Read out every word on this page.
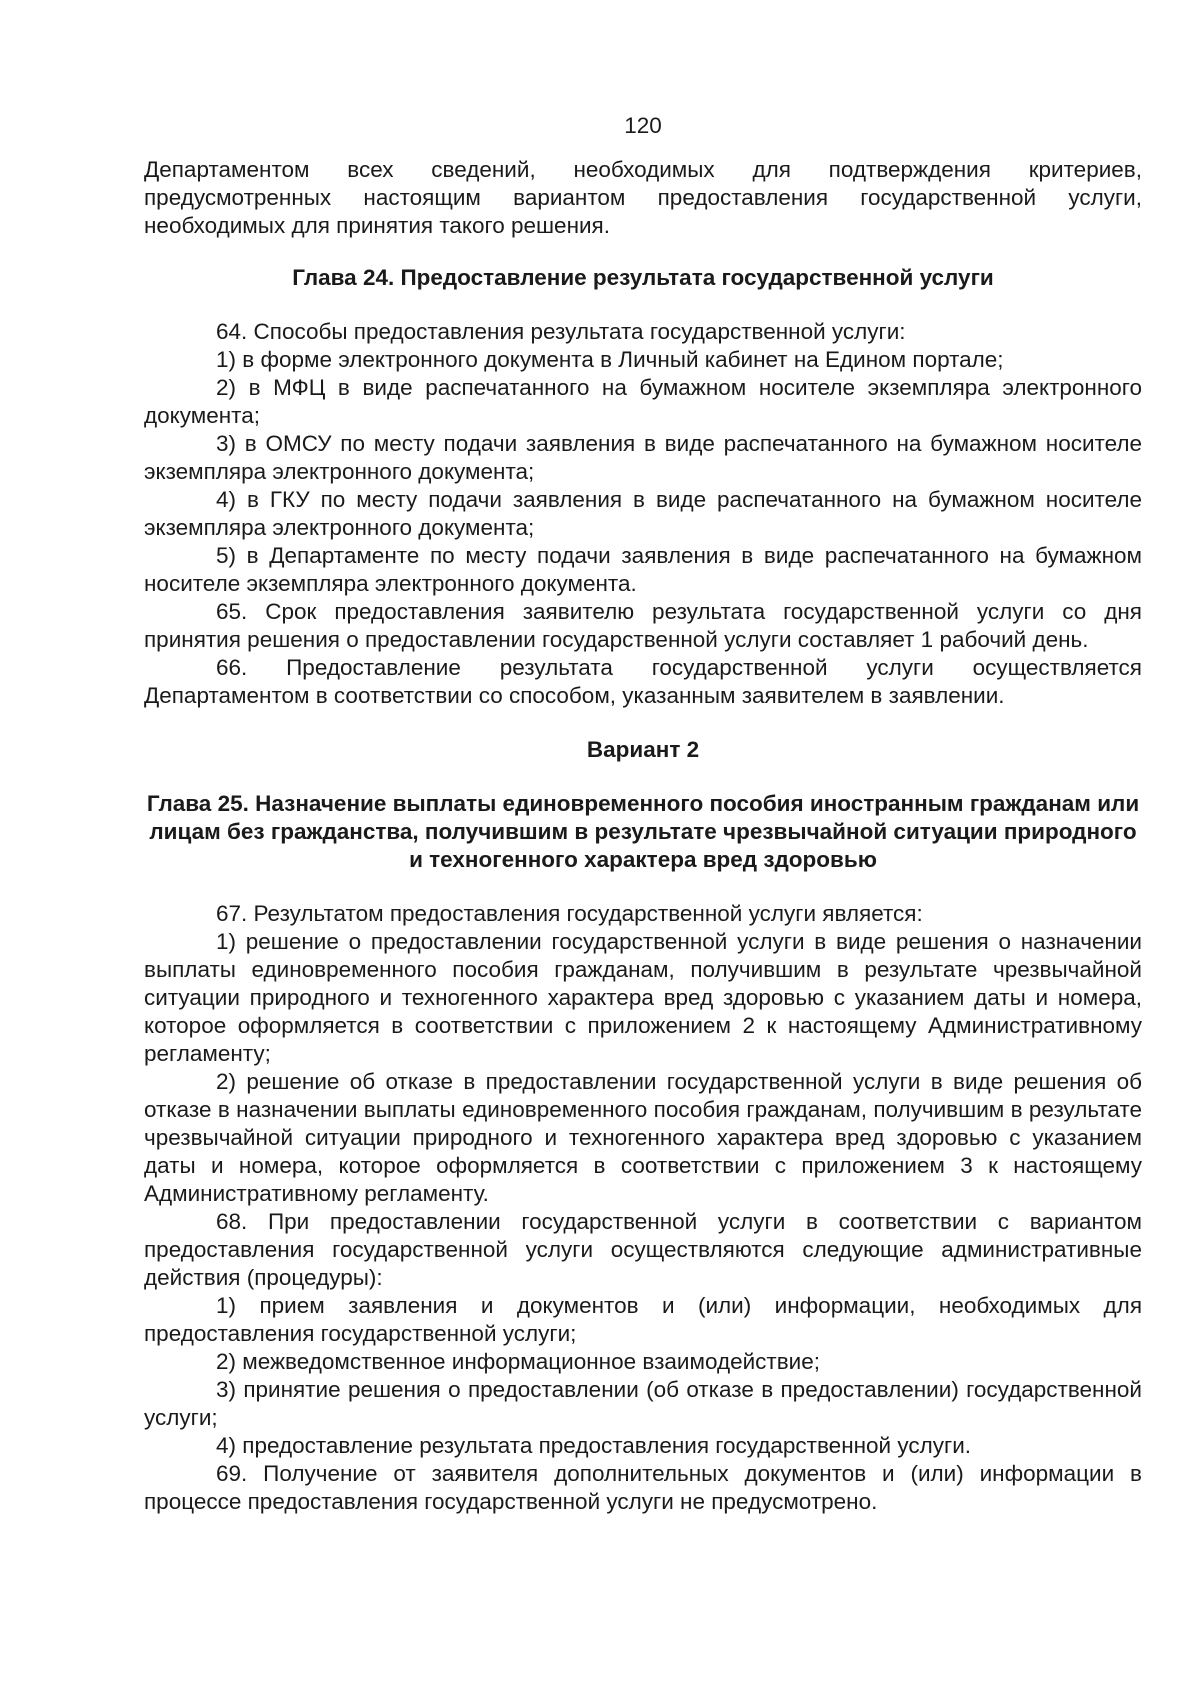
120

Департаментом всех сведений, необходимых для подтверждения критериев, предусмотренных настоящим вариантом предоставления государственной услуги, необходимых для принятия такого решения.

Глава 24. Предоставление результата государственной услуги

64. Способы предоставления результата государственной услуги:

1) в форме электронного документа в Личный кабинет на Едином портале;

2) в МФЦ в виде распечатанного на бумажном носителе экземпляра электронного документа;

3) в ОМСУ по месту подачи заявления в виде распечатанного на бумажном носителе экземпляра электронного документа;

4) в ГКУ по месту подачи заявления в виде распечатанного на бумажном носителе экземпляра электронного документа;

5) в Департаменте по месту подачи заявления в виде распечатанного на бумажном носителе экземпляра электронного документа.

65. Срок предоставления заявителю результата государственной услуги со дня принятия решения о предоставлении государственной услуги составляет 1 рабочий день.

66. Предоставление результата государственной услуги осуществляется Департаментом в соответствии со способом, указанным заявителем в заявлении.

Вариант 2
Глава 25. Назначение выплаты единовременного пособия иностранным гражданам или лицам без гражданства, получившим в результате чрезвычайной ситуации природного и техногенного характера вред здоровью

67. Результатом предоставления государственной услуги является:

1) решение о предоставлении государственной услуги в виде решения о назначении выплаты единовременного пособия гражданам, получившим в результате чрезвычайной ситуации природного и техногенного характера вред здоровью с указанием даты и номера, которое оформляется в соответствии с приложением 2 к настоящему Административному регламенту;

2) решение об отказе в предоставлении государственной услуги в виде решения об отказе в назначении выплаты единовременного пособия гражданам, получившим в результате чрезвычайной ситуации природного и техногенного характера вред здоровью с указанием даты и номера, которое оформляется в соответствии с приложением 3 к настоящему Административному регламенту.

68. При предоставлении государственной услуги в соответствии с вариантом предоставления государственной услуги осуществляются следующие административные действия (процедуры):

1) прием заявления и документов и (или) информации, необходимых для предоставления государственной услуги;

2) межведомственное информационное взаимодействие;

3) принятие решения о предоставлении (об отказе в предоставлении) государственной услуги;

4) предоставление результата предоставления государственной услуги.

69. Получение от заявителя дополнительных документов и (или) информации в процессе предоставления государственной услуги не предусмотрено.
